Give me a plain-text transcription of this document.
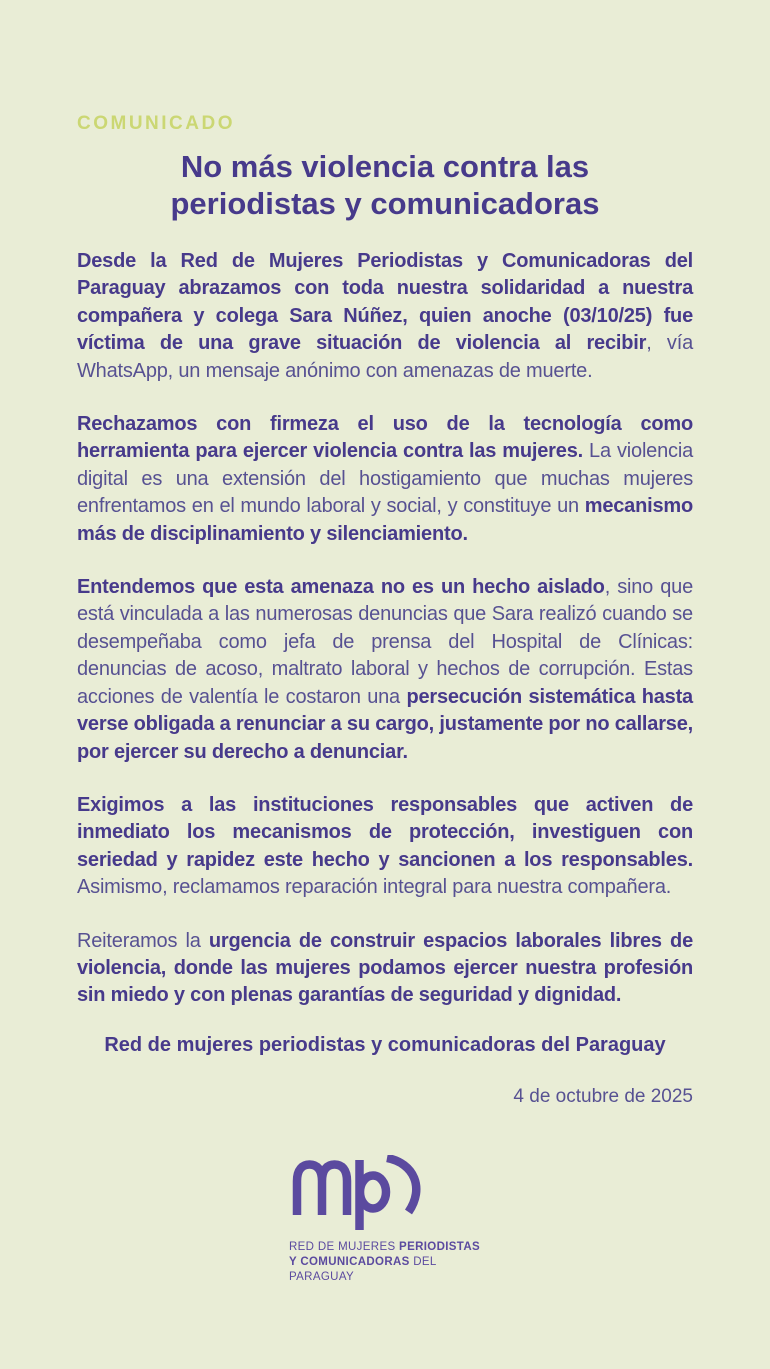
COMUNICADO
No más violencia contra las periodistas y comunicadoras

Desde la Red de Mujeres Periodistas y Comunicadoras del Paraguay abrazamos con toda nuestra solidaridad a nuestra compañera y colega Sara Núñez, quien anoche (03/10/25) fue víctima de una grave situación de violencia al recibir, vía WhatsApp, un mensaje anónimo con amenazas de muerte.

Rechazamos con firmeza el uso de la tecnología como herramienta para ejercer violencia contra las mujeres. La violencia digital es una extensión del hostigamiento que muchas mujeres enfrentamos en el mundo laboral y social, y constituye un mecanismo más de disciplinamiento y silenciamiento.

Entendemos que esta amenaza no es un hecho aislado, sino que está vinculada a las numerosas denuncias que Sara realizó cuando se desempeñaba como jefa de prensa del Hospital de Clínicas: denuncias de acoso, maltrato laboral y hechos de corrupción. Estas acciones de valentía le costaron una persecución sistemática hasta verse obligada a renunciar a su cargo, justamente por no callarse, por ejercer su derecho a denunciar.

Exigimos a las instituciones responsables que activen de inmediato los mecanismos de protección, investiguen con seriedad y rapidez este hecho y sancionen a los responsables. Asimismo, reclamamos reparación integral para nuestra compañera.

Reiteramos la urgencia de construir espacios laborales libres de violencia, donde las mujeres podamos ejercer nuestra profesión sin miedo y con plenas garantías de seguridad y dignidad.

Red de mujeres periodistas y comunicadoras del Paraguay
4 de octubre de 2025
RED DE MUJERES PERIODISTAS
Y COMUNICADORAS DEL PARAGUAY
